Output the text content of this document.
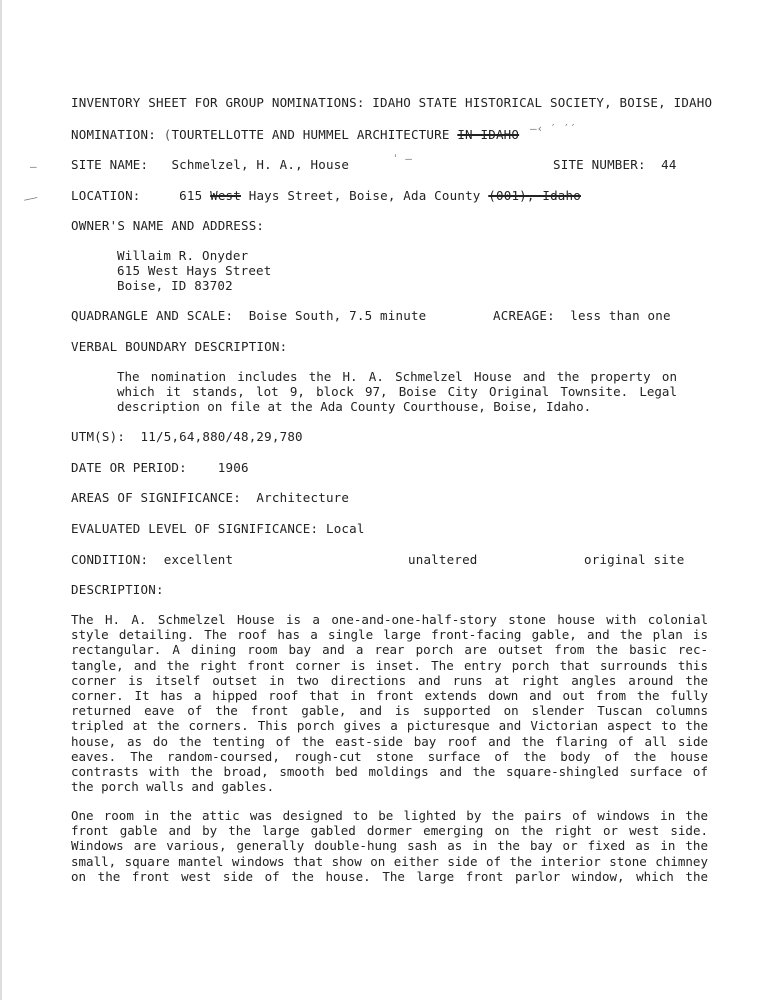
INVENTORY SHEET FOR GROUP NOMINATIONS: IDAHO STATE HISTORICAL SOCIETY, BOISE, IDAHO
NOMINATION: (TOURTELLOTTE AND HUMMEL ARCHITECTURE IN IDAHO —‹ ′ ′′
SITE NAME: Schmelzel, H. A., House
—
ˈ –	SITE NUMBER: 44
LOCATION:	615 West Hays Street, Boise, Ada County (001), Idaho
——
OWNER'S NAME AND ADDRESS:
Willaim R. Onyder
615 West Hays Street
Boise, ID 83702
QUADRANGLE AND SCALE: Boise South, 7.5 minute	ACREAGE: less than one
VERBAL BOUNDARY DESCRIPTION:
The nomination includes the H. A. Schmelzel House and the property on
which it stands, lot 9, block 97, Boise City Original Townsite. Legal
description on file at the Ada County Courthouse, Boise, Idaho.
UTM(S): 11/5,64,880/48,29,780
DATE OR PERIOD: 1906
AREAS OF SIGNIFICANCE: Architecture
EVALUATED LEVEL OF SIGNIFICANCE: Local
CONDITION: excellent	unaltered	original site
DESCRIPTION:
The H. A. Schmelzel House is a one-and-one-half-story stone house with colonial
style detailing. The roof has a single large front-facing gable, and the plan is
rectangular. A dining room bay and a rear porch are outset from the basic rec-
tangle, and the right front corner is inset. The entry porch that surrounds this
corner is itself outset in two directions and runs at right angles around the
corner. It has a hipped roof that in front extends down and out from the fully
returned eave of the front gable, and is supported on slender Tuscan columns
tripled at the corners. This porch gives a picturesque and Victorian aspect to the
house, as do the tenting of the east-side bay roof and the flaring of all side
eaves. The random-coursed, rough-cut stone surface of the body of the house
contrasts with the broad, smooth bed moldings and the square-shingled surface of
the porch walls and gables.
One room in the attic was designed to be lighted by the pairs of windows in the
front gable and by the large gabled dormer emerging on the right or west side.
Windows are various, generally double-hung sash as in the bay or fixed as in the
small, square mantel windows that show on either side of the interior stone chimney
on the front west side of the house. The large front parlor window, which the
